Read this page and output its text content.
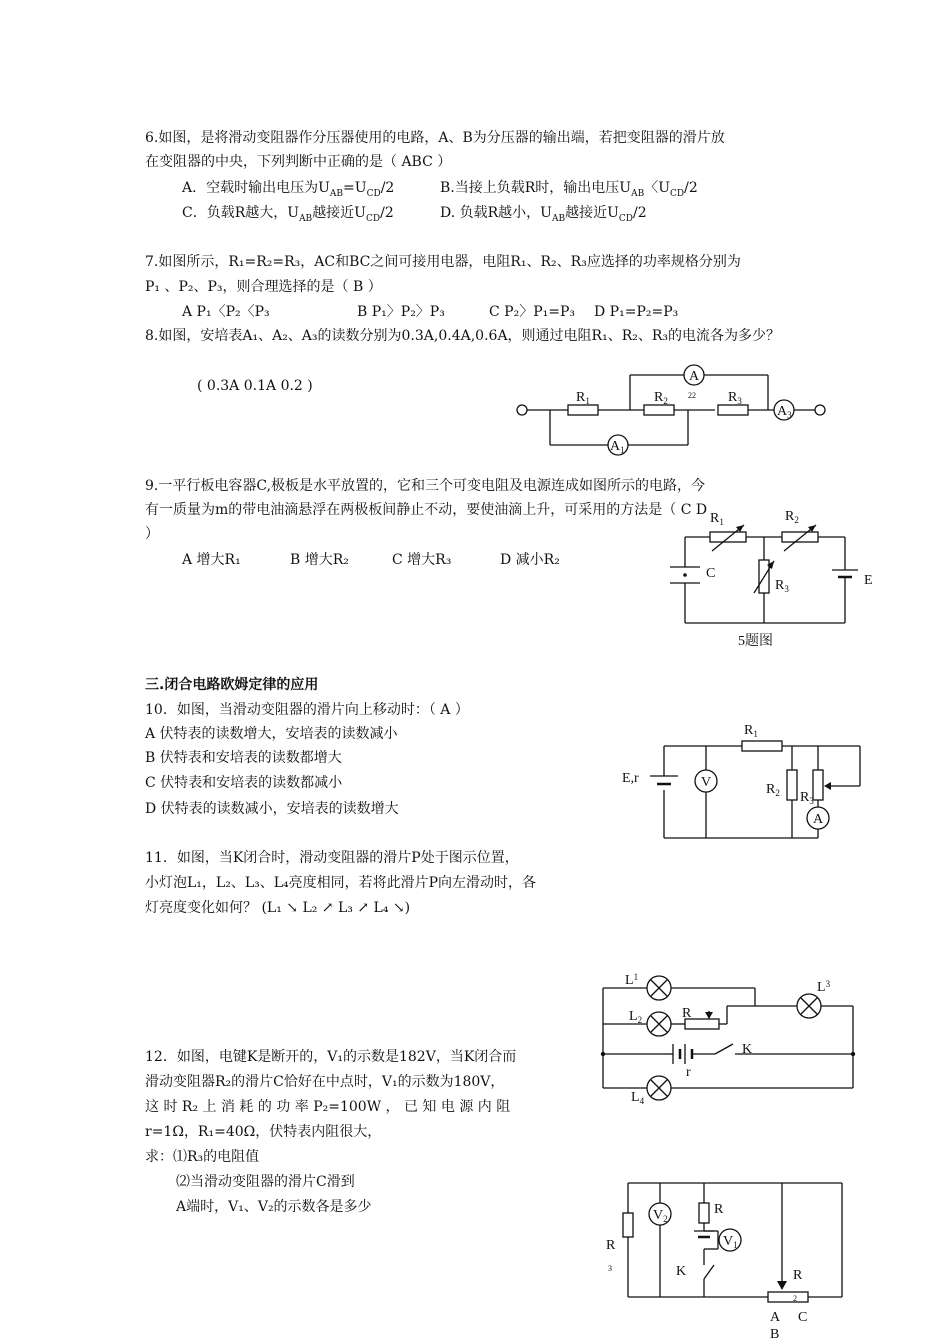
6.如图，是将滑动变阻器作分压器使用的电路，A、B为分压器的输出端，若把变阻器的滑片放
在变阻器的中央，下列判断中正确的是（ ABC ）
A．空载时输出电压为$U_{AB}=U_{CD}/2$	B.当接上负载R时，输出电压$U_{AB}$〈$U_{CD}/2$
C．负载R越大，$U_{AB}$越接近$U_{CD}/2$	D. 负载R越小，$U_{AB}$越接近$U_{CD}/2$
7.如图所示，R₁=R₂=R₃，AC和BC之间可接用电器，电阻R₁、R₂、R₃应选择的功率规格分别为
P₁ 、P₂、P₃，则合理选择的是（ B ）
A P₁〈P₂〈P₃	B P₁〉P₂〉P₃	C P₂〉P₁=P₃ D P₁=P₂=P₃
8.如图，安培表A₁、A₂、A₃的读数分别为0.3A,0.4A,0.6A，则通过电阻R₁、R₂、R₃的电流各为多少？
( 0.3A 0.1A 0.2 )
$R_1$	$R_2$	$R_3$
A
22
$A_1$
$A_3$
9.一平行板电容器C,极板是水平放置的，它和三个可变电阻及电源连成如图所示的电路，今
有一质量为m的带电油滴悬浮在两极板间静止不动，要使油滴上升，可采用的方法是（ C D
）
A 增大R₁	B 增大R₂	C 增大R₃	D 减小R₂
$R_1$	$R_2$
$R_3$
C	E
5题图
三.闭合电路欧姆定律的应用
10．如图，当滑动变阻器的滑片向上移动时：（ A ）
A 伏特表的读数增大，安培表的读数减小
B 伏特表和安培表的读数都增大
C 伏特表和安培表的读数都减小
D 伏特表的读数减小，安培表的读数增大
E,r	V
A
$R_1$
$R_2$ $R_3$
11．如图，当K闭合时，滑动变阻器的滑片P处于图示位置，
小灯泡L₁，L₂、L₃、L₄亮度相同，若将此滑片P向左滑动时，各
灯亮度变化如何？ (L₁ ↘ L₂ ↗ L₃ ↗ L₄ ↘)
$L^1$
$L_2$
$L^3$
$L_4$
R
K
r
12．如图，电键K是断开的，V₁的示数是182V，当K闭合而
滑动变阻器R₂的滑片C恰好在中点时，V₁的示数为180V，
这 时 R₂ 上 消 耗 的 功 率 P₂=100W ， 已 知 电 源 内 阻
r=1Ω，R₁=40Ω，伏特表内阻很大，
求：⑴R₃的电阻值
⑵当滑动变阻器的滑片C滑到
A端时，V₁、V₂的示数各是多少
$V_2$
$V_1$
R
R
3	K	R
2
A C
B
